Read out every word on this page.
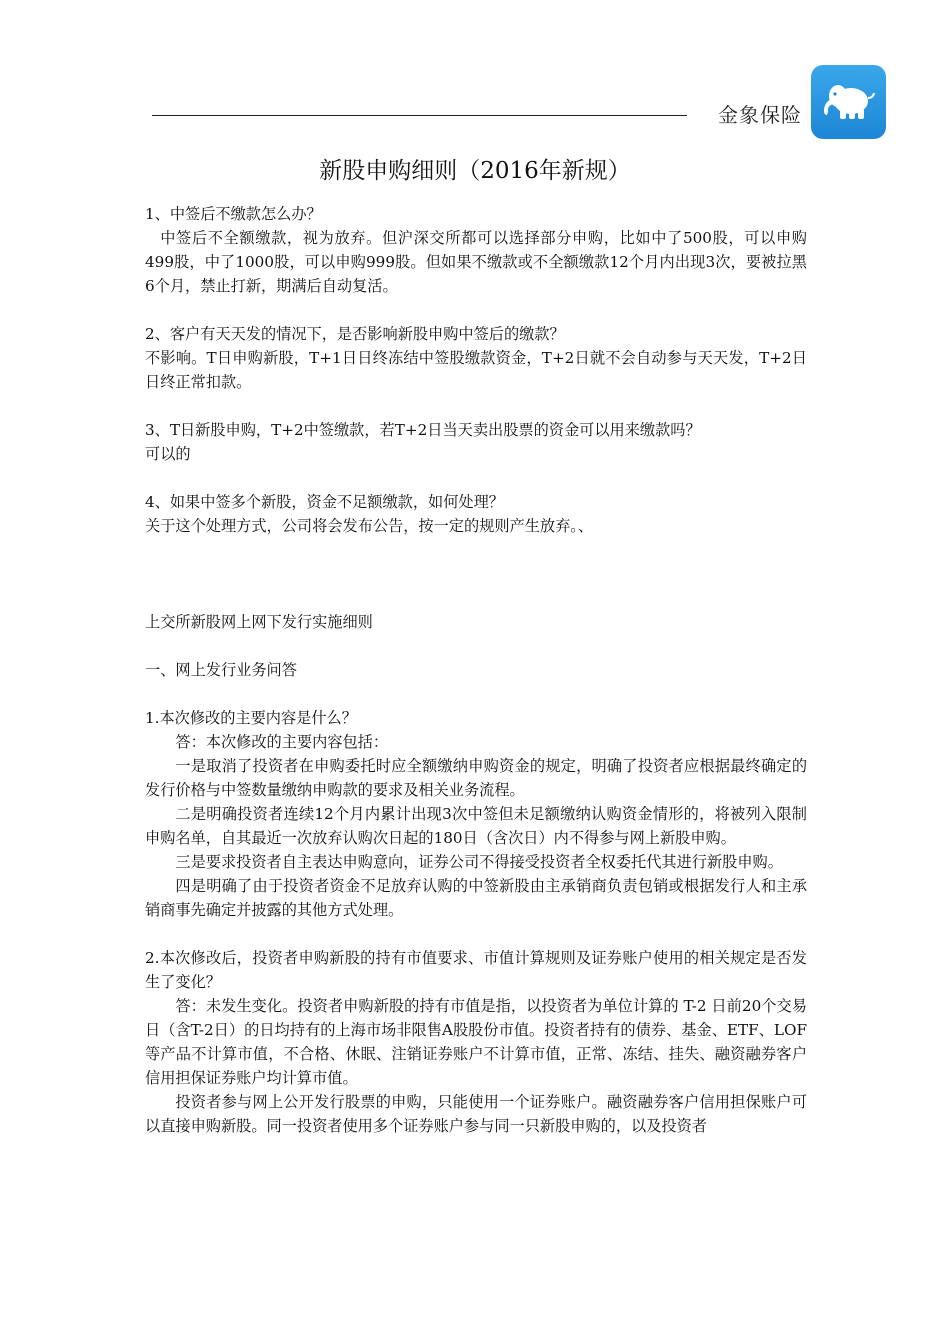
金象保险
新股申购细则（2016年新规）

1、中签后不缴款怎么办？

中签后不全额缴款，视为放弃。但沪深交所都可以选择部分申购，比如中了500股，可以申购499股，中了1000股，可以申购999股。但如果不缴款或不全额缴款12个月内出现3次，要被拉黑6个月，禁止打新，期满后自动复活。

2、客户有天天发的情况下，是否影响新股申购中签后的缴款？

不影响。T日申购新股，T+1日日终冻结中签股缴款资金，T+2日就不会自动参与天天发，T+2日日终正常扣款。

3、T日新股申购，T+2中签缴款，若T+2日当天卖出股票的资金可以用来缴款吗？

可以的

4、如果中签多个新股，资金不足额缴款，如何处理？

关于这个处理方式，公司将会发布公告，按一定的规则产生放弃。、

上交所新股网上网下发行实施细则

一、网上发行业务问答

1.本次修改的主要内容是什么？

答：本次修改的主要内容包括：

一是取消了投资者在申购委托时应全额缴纳申购资金的规定，明确了投资者应根据最终确定的发行价格与中签数量缴纳申购款的要求及相关业务流程。

二是明确投资者连续12个月内累计出现3次中签但未足额缴纳认购资金情形的，将被列入限制申购名单，自其最近一次放弃认购次日起的180日（含次日）内不得参与网上新股申购。

三是要求投资者自主表达申购意向，证券公司不得接受投资者全权委托代其进行新股申购。

四是明确了由于投资者资金不足放弃认购的中签新股由主承销商负责包销或根据发行人和主承销商事先确定并披露的其他方式处理。

2.本次修改后，投资者申购新股的持有市值要求、市值计算规则及证券账户使用的相关规定是否发生了变化？

答：未发生变化。投资者申购新股的持有市值是指，以投资者为单位计算的 T-2 日前20个交易日（含T-2日）的日均持有的上海市场非限售A股股份市值。投资者持有的债券、基金、ETF、LOF等产品不计算市值，不合格、休眠、注销证券账户不计算市值，正常、冻结、挂失、融资融券客户信用担保证券账户均计算市值。

投资者参与网上公开发行股票的申购，只能使用一个证券账户。融资融券客户信用担保账户可以直接申购新股。同一投资者使用多个证券账户参与同一只新股申购的，以及投资者
